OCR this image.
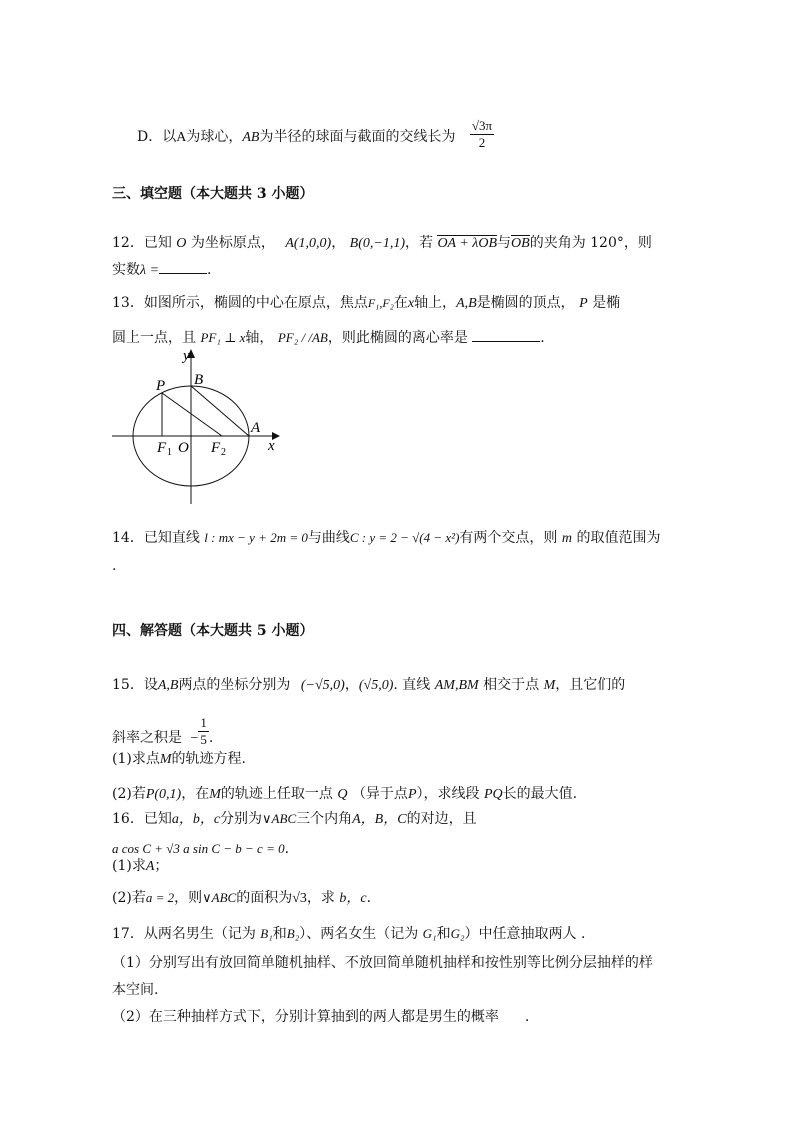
D．以A为球心，AB为半径的球面与截面的交线长为 $\frac{√3\pi}{2}$
三、填空题（本大题共 3 小题）
12．已知 O 为坐标原点， A(1,0,0)， B(0,−1,1)，若 OA + λOB与OB的夹角为 120°，则
实数λ =	.
13．如图所示，椭圆的中心在原点，焦点F₁,F₂在x轴上，A,B是椭圆的顶点， P 是椭
圆上一点，且 PF₁ ⊥ x轴， PF₂ / /AB，则此椭圆的离心率是	.
y
x
P B
A
O
F 1	F 2
14．已知直线 l : mx − y + 2m = 0与曲线C : y = 2 − √(4 − x²)有两个交点，则 m 的取值范围为
.
四、解答题（本大题共 5 小题）
15．设A,B两点的坐标分别为 (−√5,0)，(√5,0). 直线 AM,BM 相交于点 M，且它们的
斜率之积是 − $\frac{1}{5}$ .
(1)求点M的轨迹方程.
(2)若P(0,1)，在M的轨迹上任取一点 Q （异于点P），求线段 PQ长的最大值.
16．已知a，b，c分别为∨ABC三个内角A，B，C的对边，且
a cos C + √3 a sin C − b − c = 0.
(1)求A；
(2)若a = 2，则∨ABC的面积为√3，求 b，c.
17．从两名男生（记为 B₁和B₂）、两名女生（记为 G₁和G₂）中任意抽取两人 .
（1）分别写出有放回简单随机抽样、不放回简单随机抽样和按性别等比例分层抽样的样
本空间.
（2）在三种抽样方式下，分别计算抽到的两人都是男生的概率 .
